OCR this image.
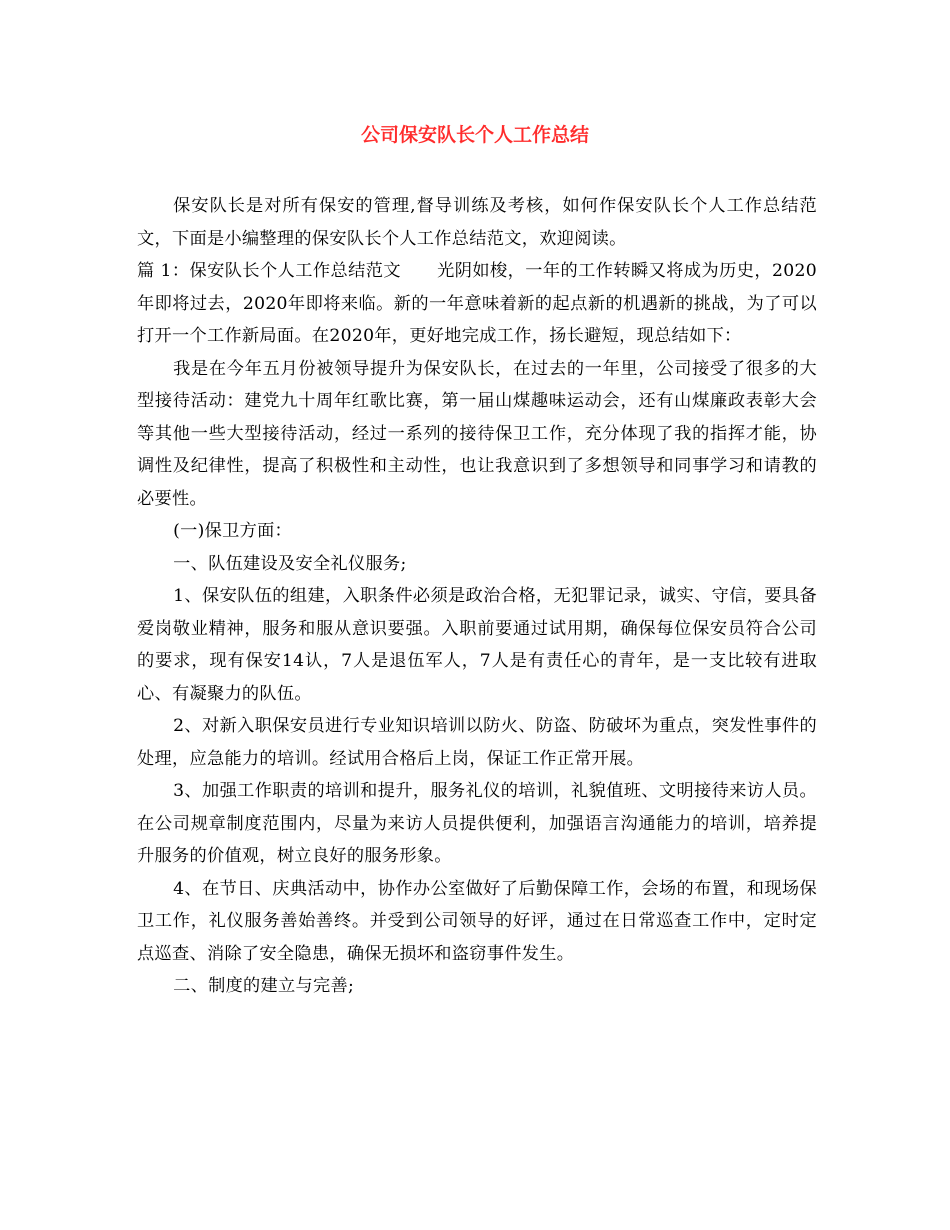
公司保安队长个人工作总结

保安队长是对所有保安的管理,督导训练及考核，如何作保安队长个人工作总结范文，下面是小编整理的保安队长个人工作总结范文，欢迎阅读。

篇 1：保安队长个人工作总结范文 光阴如梭，一年的工作转瞬又将成为历史，2020年即将过去，2020年即将来临。新的一年意味着新的起点新的机遇新的挑战，为了可以打开一个工作新局面。在2020年，更好地完成工作，扬长避短，现总结如下：

我是在今年五月份被领导提升为保安队长，在过去的一年里，公司接受了很多的大型接待活动：建党九十周年红歌比赛，第一届山煤趣味运动会，还有山煤廉政表彰大会等其他一些大型接待活动，经过一系列的接待保卫工作，充分体现了我的指挥才能，协调性及纪律性，提高了积极性和主动性，也让我意识到了多想领导和同事学习和请教的必要性。

(一)保卫方面：

一、队伍建设及安全礼仪服务;

1、保安队伍的组建，入职条件必须是政治合格，无犯罪记录，诚实、守信，要具备爱岗敬业精神，服务和服从意识要强。入职前要通过试用期，确保每位保安员符合公司的要求，现有保安14认，7人是退伍军人，7人是有责任心的青年，是一支比较有进取心、有凝聚力的队伍。

2、对新入职保安员进行专业知识培训以防火、防盗、防破坏为重点，突发性事件的处理，应急能力的培训。经试用合格后上岗，保证工作正常开展。

3、加强工作职责的培训和提升，服务礼仪的培训，礼貌值班、文明接待来访人员。在公司规章制度范围内，尽量为来访人员提供便利，加强语言沟通能力的培训，培养提升服务的价值观，树立良好的服务形象。

4、在节日、庆典活动中，协作办公室做好了后勤保障工作，会场的布置，和现场保卫工作，礼仪服务善始善终。并受到公司领导的好评，通过在日常巡查工作中，定时定点巡查、消除了安全隐患，确保无损坏和盗窃事件发生。

二、制度的建立与完善;
